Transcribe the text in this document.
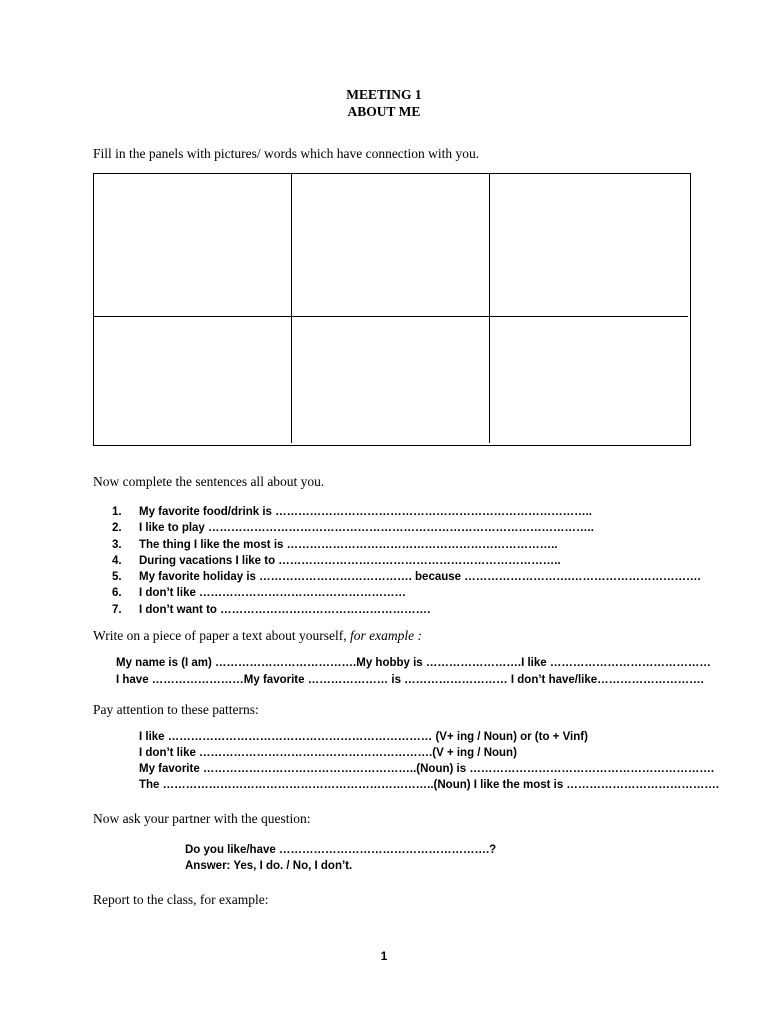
MEETING 1
ABOUT ME
Fill in the panels with pictures/ words which have connection with you.
Now complete the sentences all about you.
1.	My favorite food/drink is ………………………………………………………………………..
2.	I like to play ………………………………………………………………………………………..
3.	The thing I like the most is ……………………………………………………………..
4.	During vacations I like to ………………………………………………………………..
5.	My favorite holiday is …………………………………. because ……………………….…………………………….
6.	I don’t like ………………………………………………
7.	I don’t want to ……………………………………………….
Write on a piece of paper a text about yourself, for example :
My name is (I am) ……………………………….My hobby is …………………….I like ……………………………………
I have ……………………My favorite ………………… is ……………………… I don’t have/like……………………….
Pay attention to these patterns:
I like …………………………………………………………… (V+ ing / Noun) or (to + Vinf)
I don’t like …………………………………………………….(V + ing / Noun)
My favorite ………………………………………………..(Noun) is ……………………………………………………….
The ……………………………………………………………..(Noun) I like the most is ………………………………….
Now ask your partner with the question:
Do you like/have ……………………………………………….?
Answer: Yes, I do. / No, I don’t.
Report to the class, for example:
1
